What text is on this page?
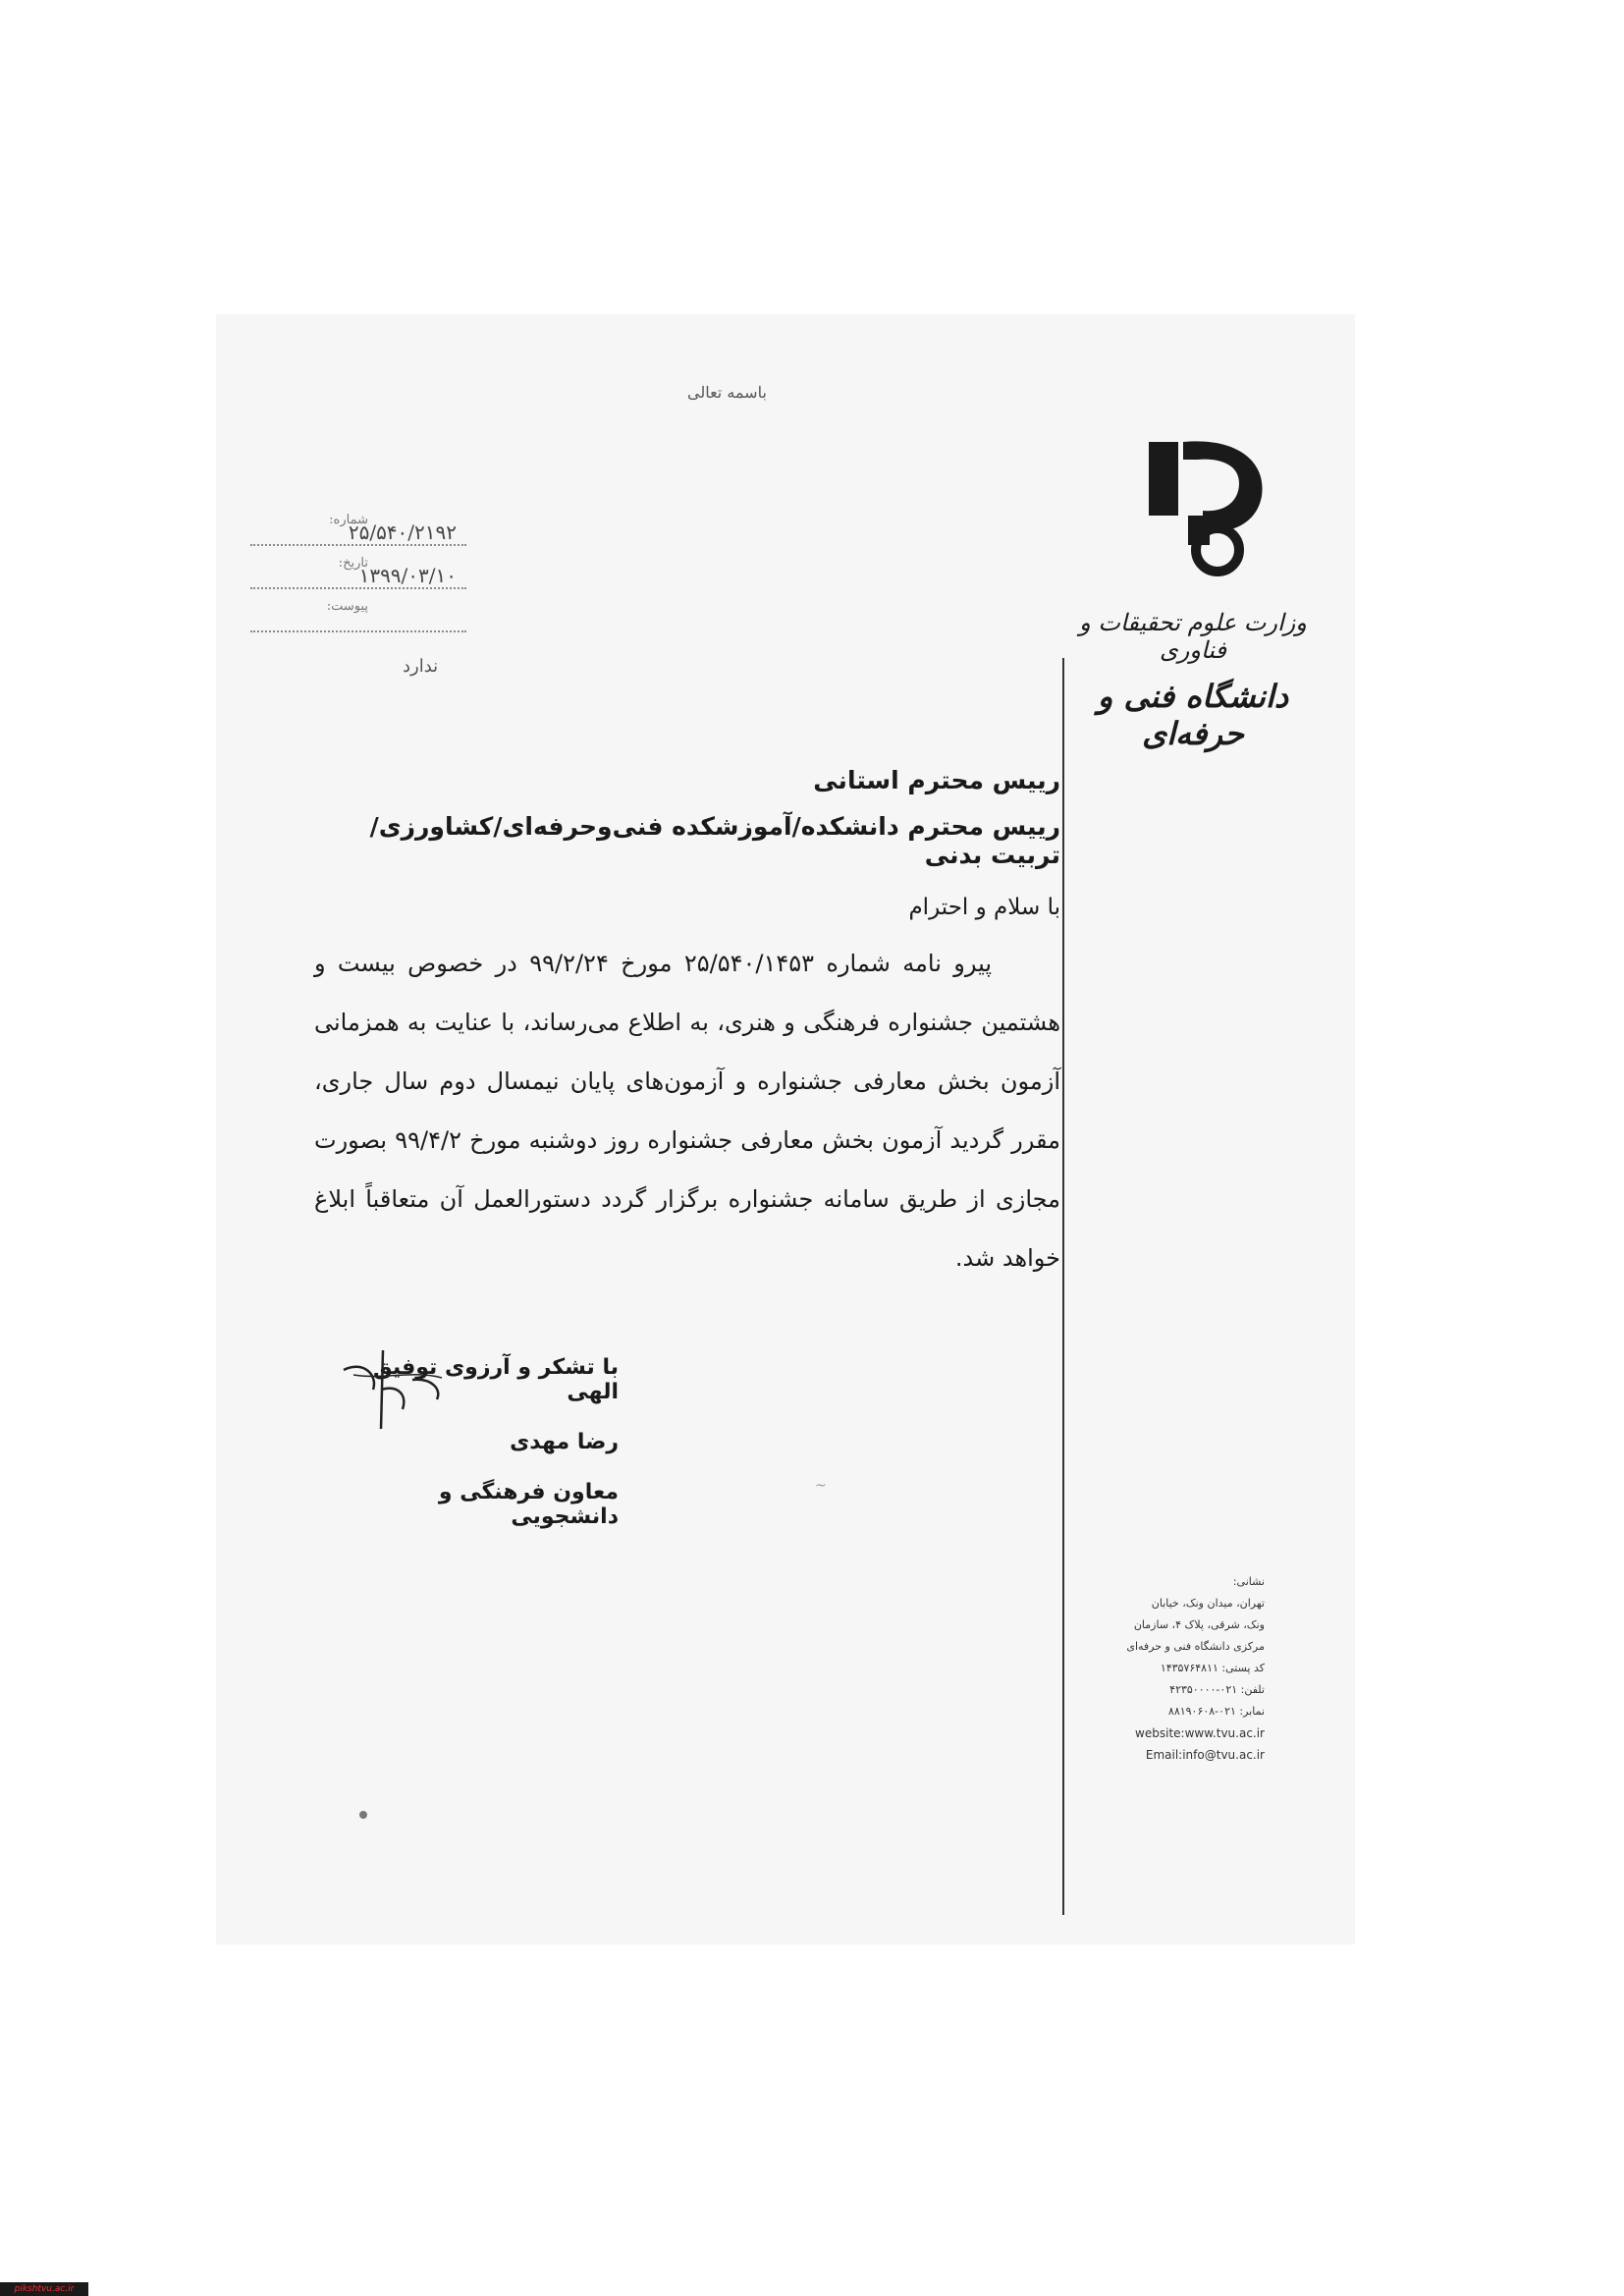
باسمه تعالی
شماره:
۲۵/۵۴۰/۲۱۹۲
تاریخ:
۱۳۹۹/۰۳/۱۰
پیوست:
ندارد
وزارت علوم تحقیقات و فناوری
دانشگاه فنی و حرفه‌ای
رییس محترم استانی
رییس محترم دانشکده/آموزشکده فنی‌وحرفه‌ای/کشاورزی/تربیت بدنی
با سلام و احترام
پیرو نامه شماره ۲۵/۵۴۰/۱۴۵۳ مورخ ۹۹/۲/۲۴ در خصوص بیست و هشتمین جشنواره فرهنگی و هنری، به اطلاع می‌رساند، با عنایت به همزمانی آزمون بخش معارفی جشنواره و آزمون‌های پایان نیمسال دوم سال جاری، مقرر گردید آزمون بخش معارفی جشنواره روز دوشنبه مورخ ۹۹/۴/۲ بصورت مجازی از طریق سامانه جشنواره برگزار گردد دستورالعمل آن متعاقباً ابلاغ خواهد شد.
با تشکر و آرزوی توفیق الهی
رضا مهدی
معاون فرهنگی و دانشجویی
~
نشانی:
تهران، میدان ونک، خیابان
ونک، شرقی، پلاک ۴، سازمان
مرکزی دانشگاه فنی و حرفه‌ای
کد پستی: ۱۴۳۵۷۶۴۸۱۱
تلفن: ۰۲۱-۴۲۳۵۰۰۰۰
نمابر: ۰۲۱-۸۸۱۹۰۶۰۸
website:www.tvu.ac.ir
Email:info@tvu.ac.ir
pikshtvu.ac.ir
